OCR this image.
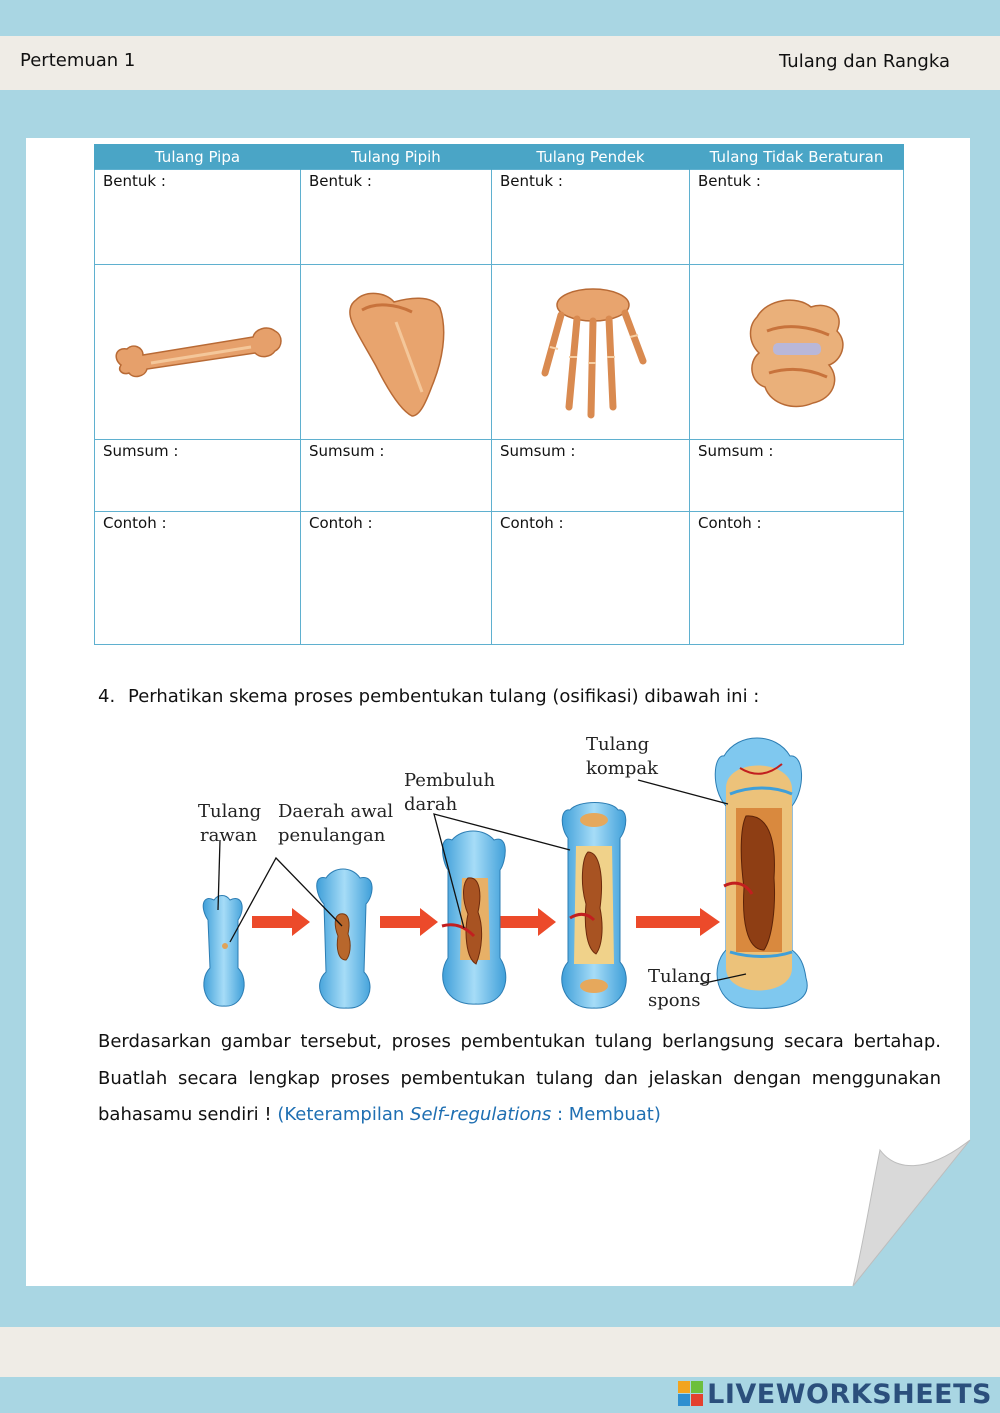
Pertemuan 1	Tulang dan Rangka
Tulang Pipa	Tulang Pipih	Tulang Pendek	Tulang Tidak Beraturan
Bentuk :	Bentuk :	Bentuk :	Bentuk :

Sumsum :	Sumsum :	Sumsum :	Sumsum :
Contoh :	Contoh :	Contoh :	Contoh :
4. Perhatikan skema proses pembentukan tulang (osifikasi) dibawah ini :
Tulang
rawan
Daerah awal
penulangan
Pembuluh
darah
Tulang
kompak
Tulang
spons
Berdasarkan gambar tersebut, proses pembentukan tulang berlangsung secara bertahap. Buatlah secara lengkap proses pembentukan tulang dan jelaskan dengan menggunakan bahasamu sendiri ! (Keterampilan Self-regulations : Membuat)
LIVEWORKSHEETS
